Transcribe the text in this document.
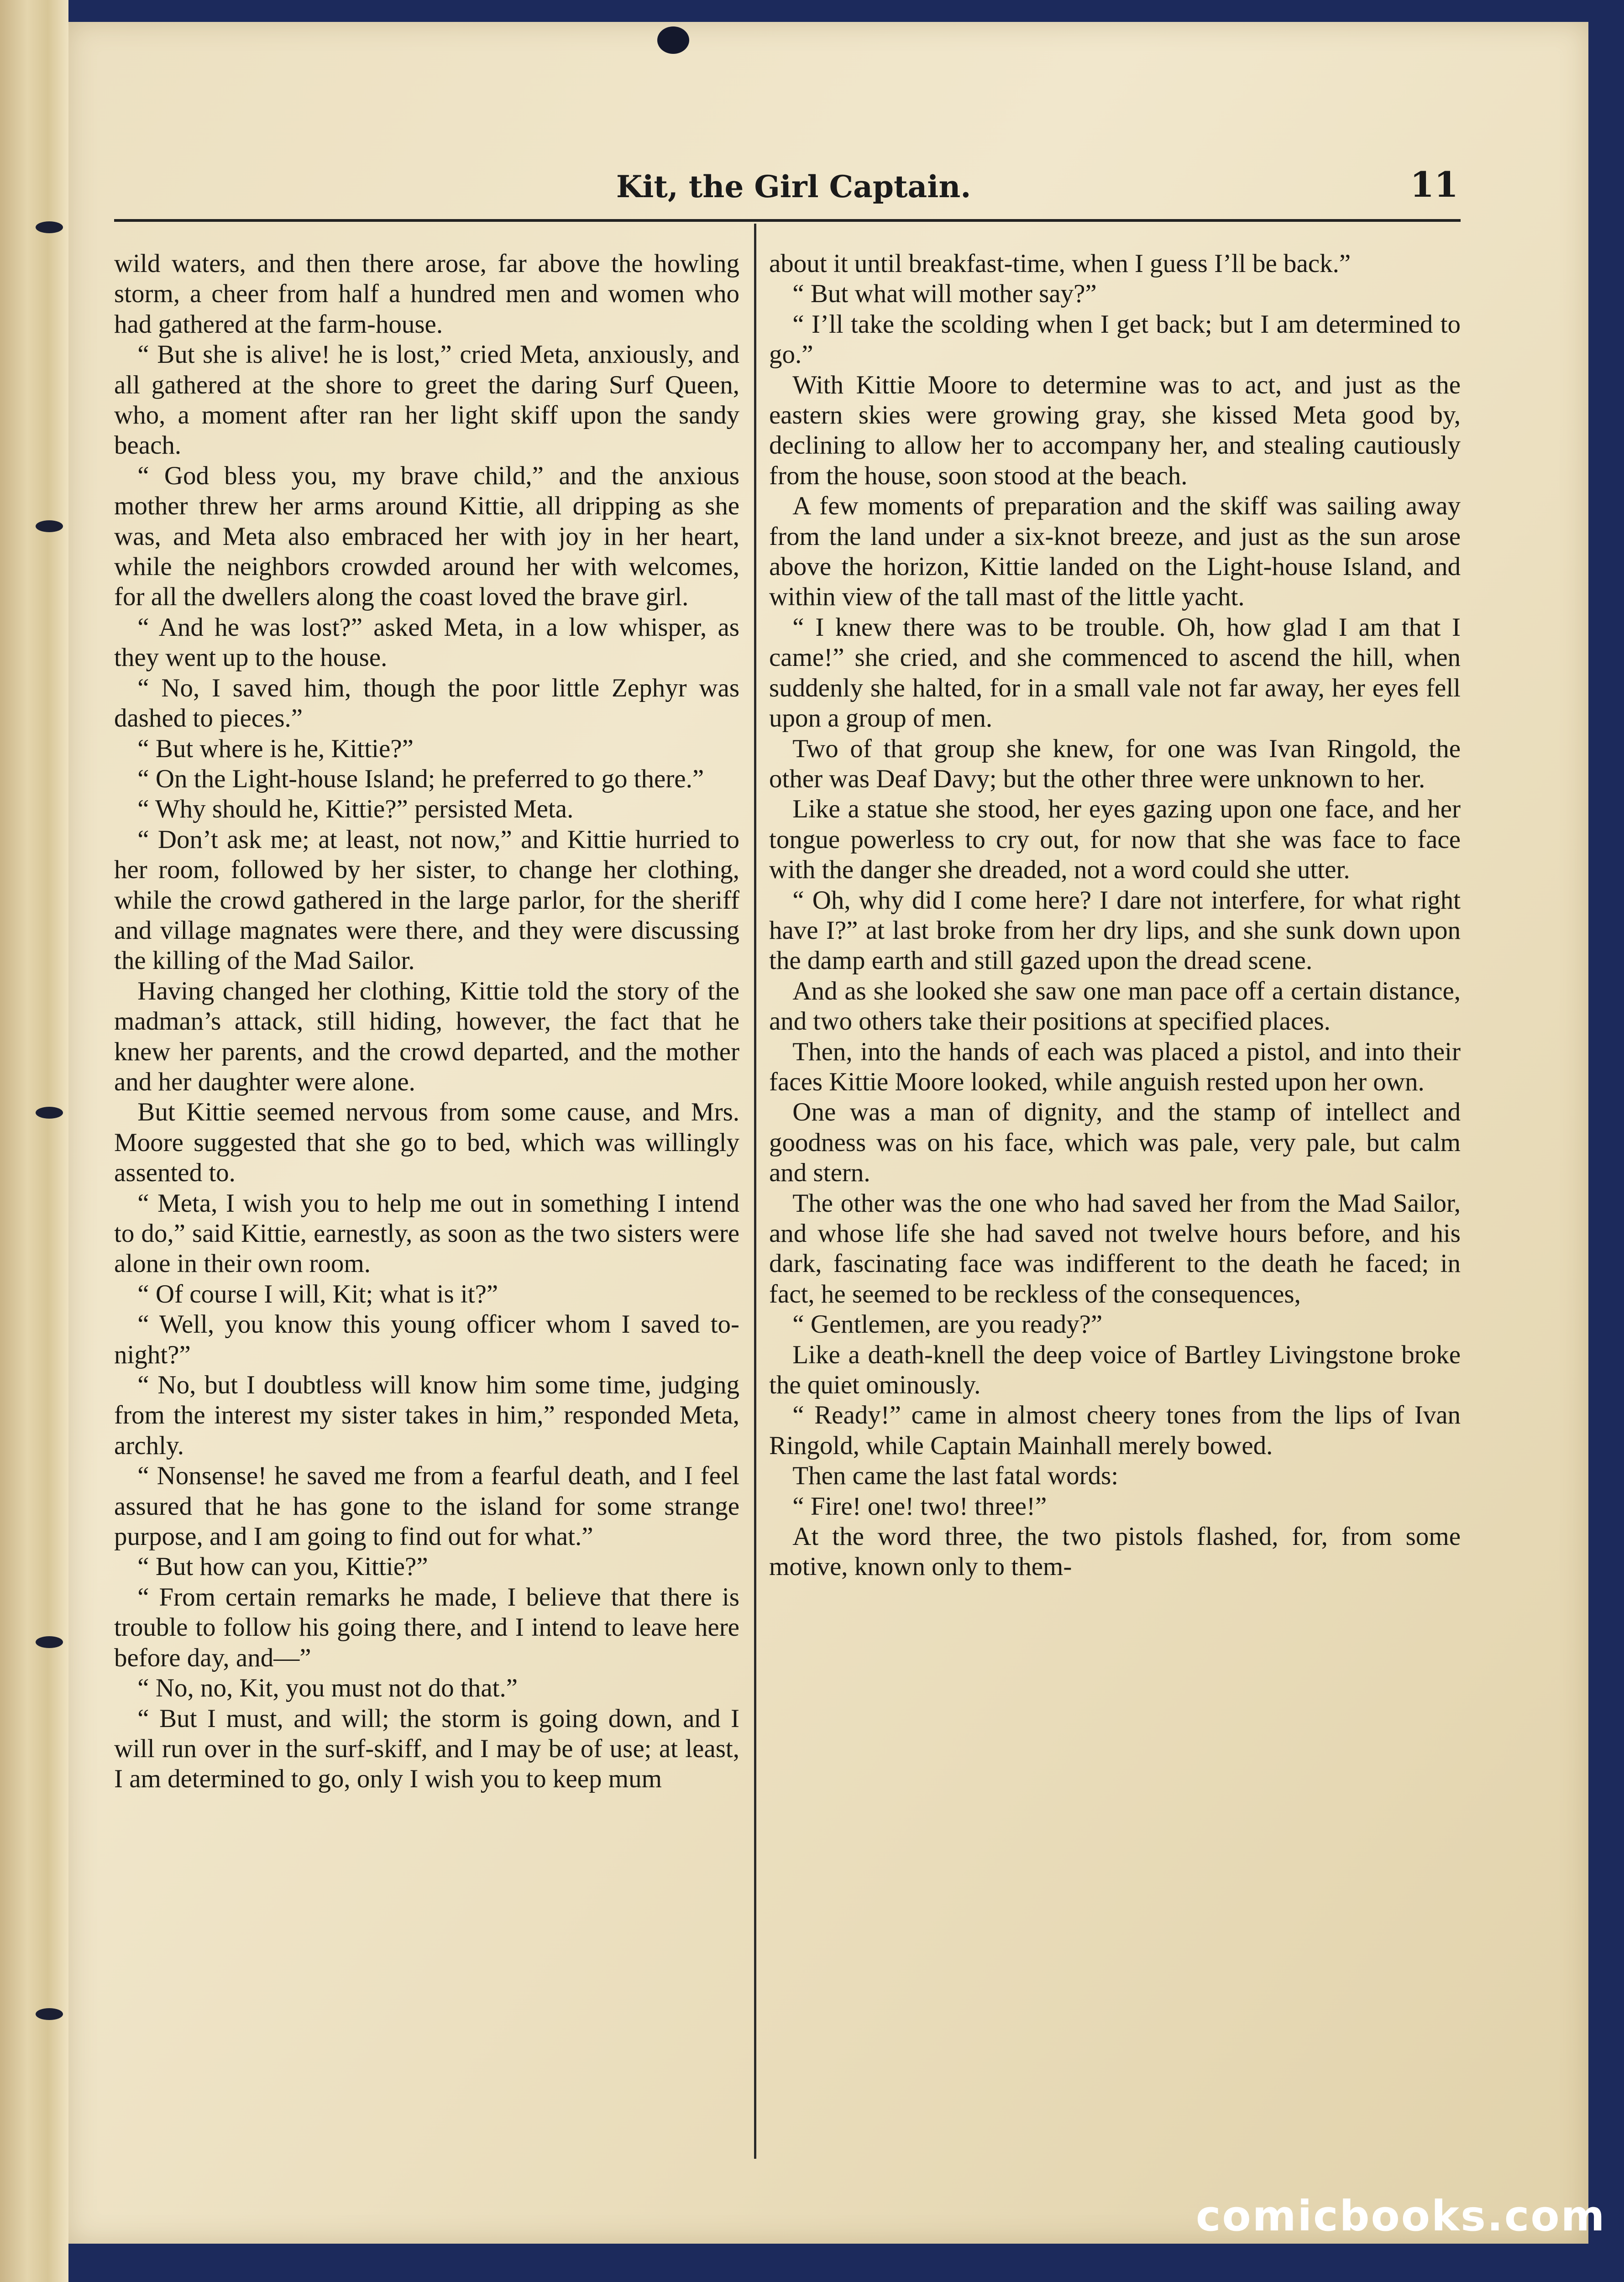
Kit, the Girl Captain.	11

wild waters, and then there arose, far above the howling storm, a cheer from half a hundred men and women who had gathered at the farm-house.

“ But she is alive! he is lost,” cried Meta, anxiously, and all gathered at the shore to greet the daring Surf Queen, who, a moment after ran her light skiff upon the sandy beach.

“ God bless you, my brave child,” and the anxious mother threw her arms around Kittie, all dripping as she was, and Meta also embraced her with joy in her heart, while the neighbors crowded around her with welcomes, for all the dwellers along the coast loved the brave girl.

“ And he was lost?” asked Meta, in a low whisper, as they went up to the house.

“ No, I saved him, though the poor little Zephyr was dashed to pieces.”

“ But where is he, Kittie?”

“ On the Light-house Island; he preferred to go there.”

“ Why should he, Kittie?” persisted Meta.

“ Don’t ask me; at least, not now,” and Kittie hurried to her room, followed by her sister, to change her clothing, while the crowd gathered in the large parlor, for the sheriff and village magnates were there, and they were discussing the killing of the Mad Sailor.

Having changed her clothing, Kittie told the story of the madman’s attack, still hiding, however, the fact that he knew her parents, and the crowd departed, and the mother and her daughter were alone.

But Kittie seemed nervous from some cause, and Mrs. Moore suggested that she go to bed, which was willingly assented to.

“ Meta, I wish you to help me out in something I intend to do,” said Kittie, earnestly, as soon as the two sisters were alone in their own room.

“ Of course I will, Kit; what is it?”

“ Well, you know this young officer whom I saved to-night?”

“ No, but I doubtless will know him some time, judging from the interest my sister takes in him,” responded Meta, archly.

“ Nonsense! he saved me from a fearful death, and I feel assured that he has gone to the island for some strange purpose, and I am going to find out for what.”

“ But how can you, Kittie?”

“ From certain remarks he made, I believe that there is trouble to follow his going there, and I intend to leave here before day, and—”

“ No, no, Kit, you must not do that.”

“ But I must, and will; the storm is going down, and I will run over in the surf-skiff, and I may be of use; at least, I am determined to go, only I wish you to keep mum

about it until breakfast-time, when I guess I’ll be back.”

“ But what will mother say?”

“ I’ll take the scolding when I get back; but I am determined to go.”

With Kittie Moore to determine was to act, and just as the eastern skies were growing gray, she kissed Meta good by, declining to allow her to accompany her, and stealing cautiously from the house, soon stood at the beach.

A few moments of preparation and the skiff was sailing away from the land under a six-knot breeze, and just as the sun arose above the horizon, Kittie landed on the Light-house Island, and within view of the tall mast of the little yacht.

“ I knew there was to be trouble. Oh, how glad I am that I came!” she cried, and she commenced to ascend the hill, when suddenly she halted, for in a small vale not far away, her eyes fell upon a group of men.

Two of that group she knew, for one was Ivan Ringold, the other was Deaf Davy; but the other three were unknown to her.

Like a statue she stood, her eyes gazing upon one face, and her tongue powerless to cry out, for now that she was face to face with the danger she dreaded, not a word could she utter.

“ Oh, why did I come here? I dare not interfere, for what right have I?” at last broke from her dry lips, and she sunk down upon the damp earth and still gazed upon the dread scene.

And as she looked she saw one man pace off a certain distance, and two others take their positions at specified places.

Then, into the hands of each was placed a pistol, and into their faces Kittie Moore looked, while anguish rested upon her own.

One was a man of dignity, and the stamp of intellect and goodness was on his face, which was pale, very pale, but calm and stern.

The other was the one who had saved her from the Mad Sailor, and whose life she had saved not twelve hours before, and his dark, fascinating face was indifferent to the death he faced; in fact, he seemed to be reckless of the consequences,

“ Gentlemen, are you ready?”

Like a death-knell the deep voice of Bartley Livingstone broke the quiet ominously.

“ Ready!” came in almost cheery tones from the lips of Ivan Ringold, while Captain Mainhall merely bowed.

Then came the last fatal words:

“ Fire! one! two! three!”

At the word three, the two pistols flashed, for, from some motive, known only to them-

comicbooks.com
